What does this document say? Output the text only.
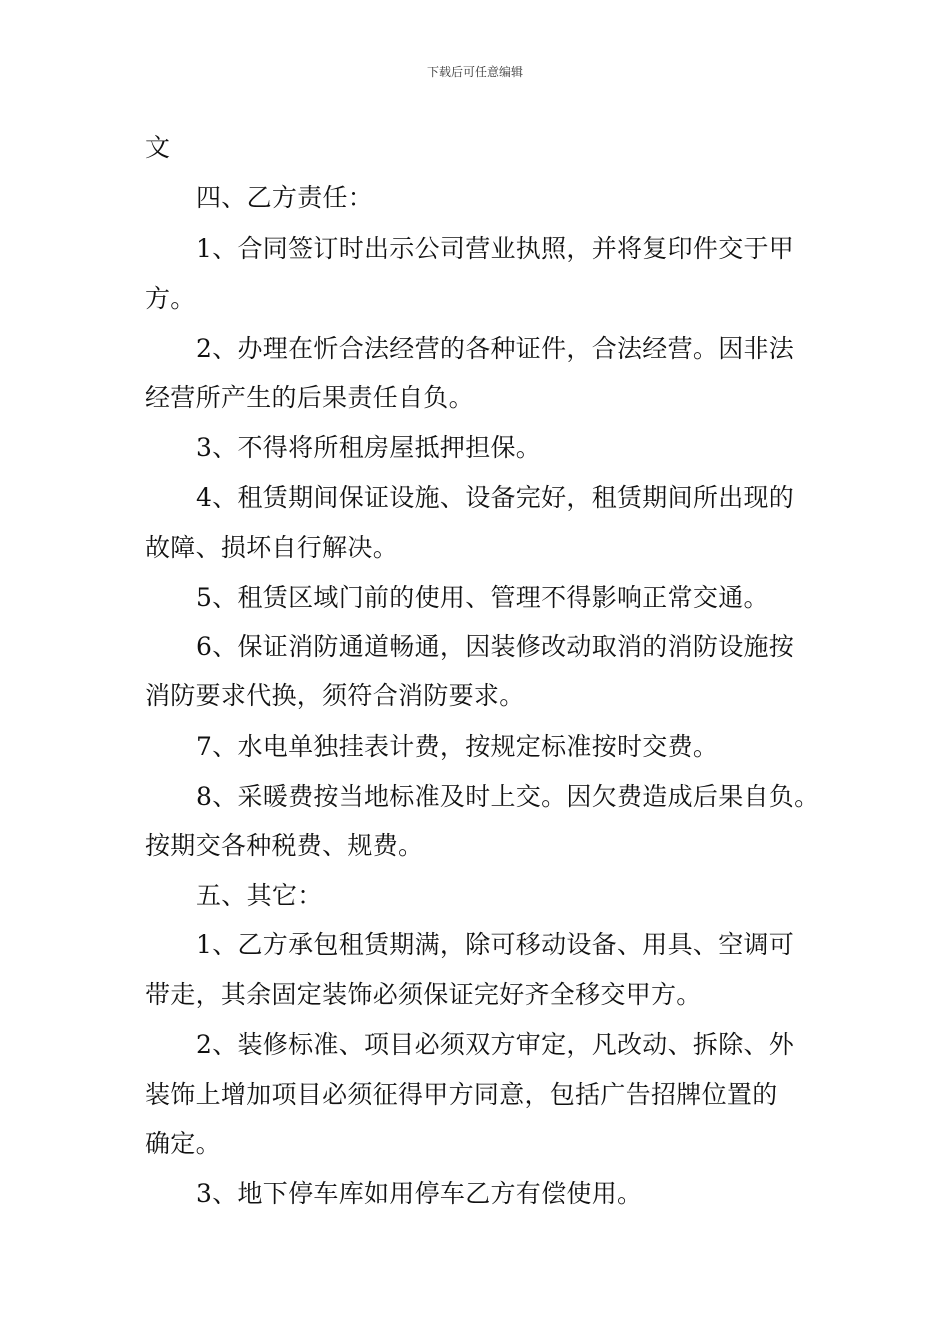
下载后可任意编辑
文
四、乙方责任：
1、合同签订时出示公司营业执照，并将复印件交于甲
方。
2、办理在忻合法经营的各种证件，合法经营。因非法
经营所产生的后果责任自负。
3、不得将所租房屋抵押担保。
4、租赁期间保证设施、设备完好，租赁期间所出现的
故障、损坏自行解决。
5、租赁区域门前的使用、管理不得影响正常交通。
6、保证消防通道畅通，因装修改动取消的消防设施按
消防要求代换，须符合消防要求。
7、水电单独挂表计费，按规定标准按时交费。
8、采暖费按当地标准及时上交。因欠费造成后果自负。
按期交各种税费、规费。
五、其它：
1、乙方承包租赁期满，除可移动设备、用具、空调可
带走，其余固定装饰必须保证完好齐全移交甲方。
2、装修标准、项目必须双方审定，凡改动、拆除、外
装饰上增加项目必须征得甲方同意，包括广告招牌位置的
确定。
3、地下停车库如用停车乙方有偿使用。
